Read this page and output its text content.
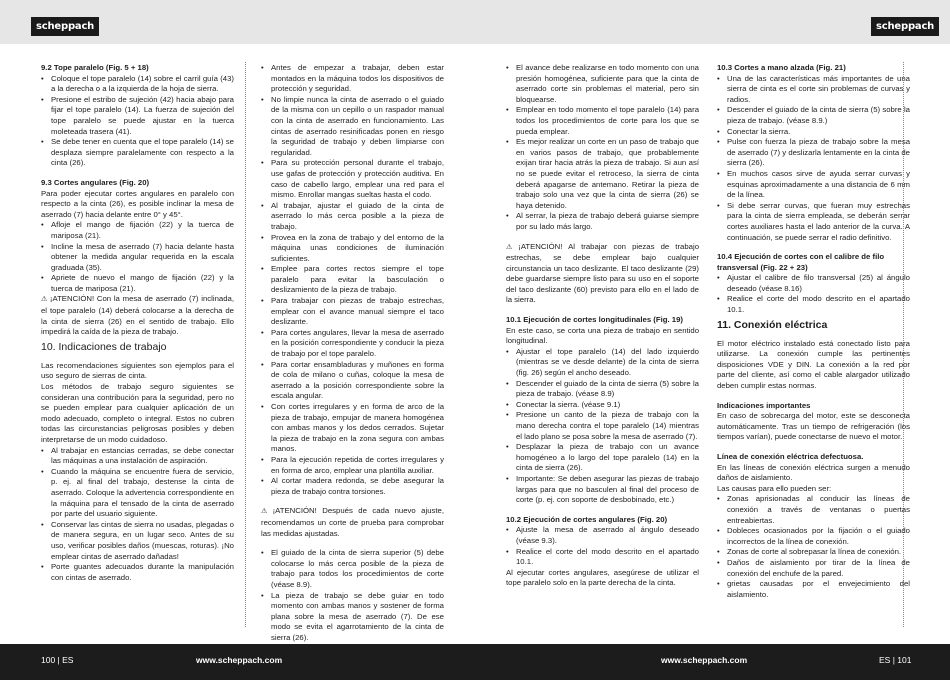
scheppach	scheppach

9.2 Tope paralelo (Fig. 5 + 18)

• Coloque el tope paralelo (14) sobre el carril guía (43) a la derecha o a la izquierda de la hoja de sierra.
• Presione el estribo de sujeción (42) hacia abajo para fijar el tope paralelo (14). La fuerza de sujeción del tope paralelo se puede ajustar en la tuerca moleteada trasera (41).
• Se debe tener en cuenta que el tope paralelo (14) se desplaza siempre paralelamente con respecto a la cinta (26).

9.3 Cortes angulares (Fig. 20)

Para poder ejecutar cortes angulares en paralelo con respecto a la cinta (26), es posible inclinar la mesa de aserrado (7) hacia delante entre 0° y 45°.

• Afloje el mango de fijación (22) y la tuerca de mariposa (21).
• Incline la mesa de aserrado (7) hacia delante hasta obtener la medida angular requerida en la escala graduada (35).
• Apriete de nuevo el mango de fijación (22) y la tuerca de mariposa (21).

⚠ ¡ATENCIÓN! Con la mesa de aserrado (7) inclinada, el tope paralelo (14) deberá colocarse a la derecha de la cinta de sierra (26) en el sentido de trabajo. Ello impedirá la caída de la pieza de trabajo.

10. Indicaciones de trabajo

Las recomendaciones siguientes son ejemplos para el uso seguro de sierras de cinta.

Los métodos de trabajo seguro siguientes se consideran una contribución para la seguridad, pero no se pueden emplear para cualquier aplicación de un modo adecuado, completo o integral. Estos no cubren todas las circunstancias peligrosas posibles y deben interpretarse de un modo cuidadoso.

• Al trabajar en estancias cerradas, se debe conectar las máquinas a una instalación de aspiración.
• Cuando la máquina se encuentre fuera de servicio, p. ej. al final del trabajo, destense la cinta de aserrado. Coloque la advertencia correspondiente en la máquina para el tensado de la cinta de aserrado por parte del usuario siguiente.
• Conservar las cintas de sierra no usadas, plegadas o de manera segura, en un lugar seco. Antes de su uso, verificar posibles daños (muescas, roturas). ¡No emplear cintas de aserrado dañadas!
• Porte guantes adecuados durante la manipulación con cintas de aserrado.
• Antes de empezar a trabajar, deben estar montados en la máquina todos los dispositivos de protección y seguridad.
• No limpie nunca la cinta de aserrado o el guiado de la misma con un cepillo o un raspador manual con la cinta de aserrado en funcionamiento. Las cintas de aserrado resinificadas ponen en riesgo la seguridad de trabajo y deben limpiarse con regularidad.
• Para su protección personal durante el trabajo, use gafas de protección y protección auditiva. En caso de cabello largo, emplear una red para el mismo. Enrollar mangas sueltas hasta el codo.
• Al trabajar, ajustar el guiado de la cinta de aserrado lo más cerca posible a la pieza de trabajo.
• Provea en la zona de trabajo y del entorno de la máquina unas condiciones de iluminación suficientes.
• Emplee para cortes rectos siempre el tope paralelo para evitar la basculación o deslizamiento de la pieza de trabajo.
• Para trabajar con piezas de trabajo estrechas, emplear con el avance manual siempre el taco deslizante.
• Para cortes angulares, llevar la mesa de aserrado en la posición correspondiente y conducir la pieza de trabajo por el tope paralelo.
• Para cortar ensambladuras y muñones en forma de cola de milano o cuñas, coloque la mesa de aserrado a la posición correspondiente sobre la escala angular.
• Con cortes irregulares y en forma de arco de la pieza de trabajo, empujar de manera homogénea con ambas manos y los dedos cerrados. Sujetar la pieza de trabajo en la zona segura con ambas manos.
• Para la ejecución repetida de cortes irregulares y en forma de arco, emplear una plantilla auxiliar.
• Al cortar madera redonda, se debe asegurar la pieza de trabajo contra torsiones.

⚠ ¡ATENCIÓN! Después de cada nuevo ajuste, recomendamos un corte de prueba para comprobar las medidas ajustadas.

• El guiado de la cinta de sierra superior (5) debe colocarse lo más cerca posible de la pieza de trabajo para todos los procedimientos de corte (véase 8.9).
• La pieza de trabajo se debe guiar en todo momento con ambas manos y sostener de forma plana sobre la mesa de aserrado (7). De ese modo se evita el agarrotamiento de la cinta de sierra (26).
• El avance debe realizarse en todo momento con una presión homogénea, suficiente para que la cinta de aserrado corte sin problemas el material, pero sin bloquearse.
• Emplear en todo momento el tope paralelo (14) para todos los procedimientos de corte para los que se pueda emplear.
• Es mejor realizar un corte en un paso de trabajo que en varios pasos de trabajo, que probablemente exijan tirar hacia atrás la pieza de trabajo. Si aun así no se puede evitar el retroceso, la sierra de cinta deberá apagarse de antemano. Retirar la pieza de trabajo solo una vez que la cinta de sierra (26) se haya detenido.
• Al serrar, la pieza de trabajo deberá guiarse siempre por su lado más largo.

⚠ ¡ATENCIÓN! Al trabajar con piezas de trabajo estrechas, se debe emplear bajo cualquier circunstancia un taco deslizante. El taco deslizante (29) debe guardarse siempre listo para su uso en el soporte del taco deslizante (60) previsto para ello en el lado de la sierra.

10.1 Ejecución de cortes longitudinales (Fig. 19)

En este caso, se corta una pieza de trabajo en sentido longitudinal.

• Ajustar el tope paralelo (14) del lado izquierdo (mientras se ve desde delante) de la cinta de sierra (fig. 26) según el ancho deseado.
• Descender el guiado de la cinta de sierra (5) sobre la pieza de trabajo. (véase 8.9)
• Conectar la sierra. (véase 9.1)
• Presione un canto de la pieza de trabajo con la mano derecha contra el tope paralelo (14) mientras el lado plano se posa sobre la mesa de aserrado (7).
• Desplazar la pieza de trabajo con un avance homogéneo a lo largo del tope paralelo (14) en la cinta de sierra (26).
• Importante: Se deben asegurar las piezas de trabajo largas para que no basculen al final del proceso de corte (p. ej. con soporte de desbobinado, etc.)

10.2 Ejecución de cortes angulares (Fig. 20)

• Ajuste la mesa de aserrado al ángulo deseado (véase 9.3).
• Realice el corte del modo descrito en el apartado 10.1.

Al ejecutar cortes angulares, asegúrese de utilizar el tope paralelo solo en la parte derecha de la cinta.

10.3 Cortes a mano alzada (Fig. 21)

• Una de las características más importantes de una sierra de cinta es el corte sin problemas de curvas y radios.
• Descender el guiado de la cinta de sierra (5) sobre la pieza de trabajo. (véase 8.9.)
• Conectar la sierra.
• Pulse con fuerza la pieza de trabajo sobre la mesa de aserrado (7) y deslizarla lentamente en la cinta de sierra (26).
• En muchos casos sirve de ayuda serrar curvas y esquinas aproximadamente a una distancia de 6 mm de la línea.
• Si debe serrar curvas, que fueran muy estrechas para la cinta de sierra empleada, se deberán serrar cortes auxiliares hasta el lado anterior de la curva. A continuación, se puede serrar el radio definitivo.

10.4 Ejecución de cortes con el calibre de filo transversal (Fig. 22 + 23)

• Ajustar el calibre de filo transversal (25) al ángulo deseado (véase 8.16)
• Realice el corte del modo descrito en el apartado 10.1.
11. Conexión eléctrica

El motor eléctrico instalado está conectado listo para utilizarse. La conexión cumple las pertinentes disposiciones VDE y DIN. La conexión a la red por parte del cliente, así como el cable alargador utilizado deben cumplir estas normas.

Indicaciones importantes

En caso de sobrecarga del motor, este se desconecta automáticamente. Tras un tiempo de refrigeración (los tiempos varían), puede conectarse de nuevo el motor.

Línea de conexión eléctrica defectuosa.

En las líneas de conexión eléctrica surgen a menudo daños de aislamiento.

Las causas para ello pueden ser:

• Zonas aprisionadas al conducir las líneas de conexión a través de ventanas o puertas entreabiertas.
• Dobleces ocasionados por la fijación o el guiado incorrectos de la línea de conexión.
• Zonas de corte al sobrepasar la línea de conexión.
• Daños de aislamiento por tirar de la línea de conexión del enchufe de la pared.
• grietas causadas por el envejecimiento del aislamiento.
100 | ES	www.scheppach.com	www.scheppach.com	ES | 101
